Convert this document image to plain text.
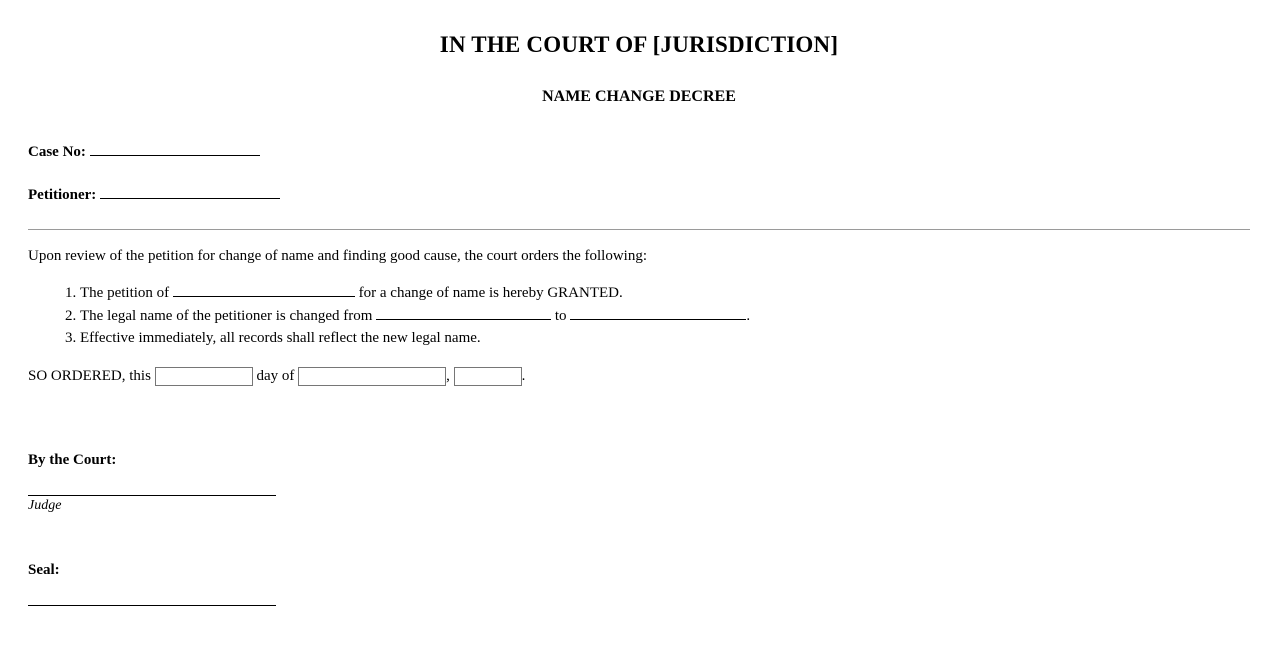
IN THE COURT OF [JURISDICTION]
NAME CHANGE DECREE
Case No:
Petitioner:

Upon review of the petition for change of name and finding good cause, the court orders the following:

1. The petition of	for a change of name is hereby GRANTED.
2. The legal name of the petitioner is changed from	to	.
3. Effective immediately, all records shall reflect the new legal name.
SO ORDERED, this	day of	,	.
By the Court:
Judge
Seal:
